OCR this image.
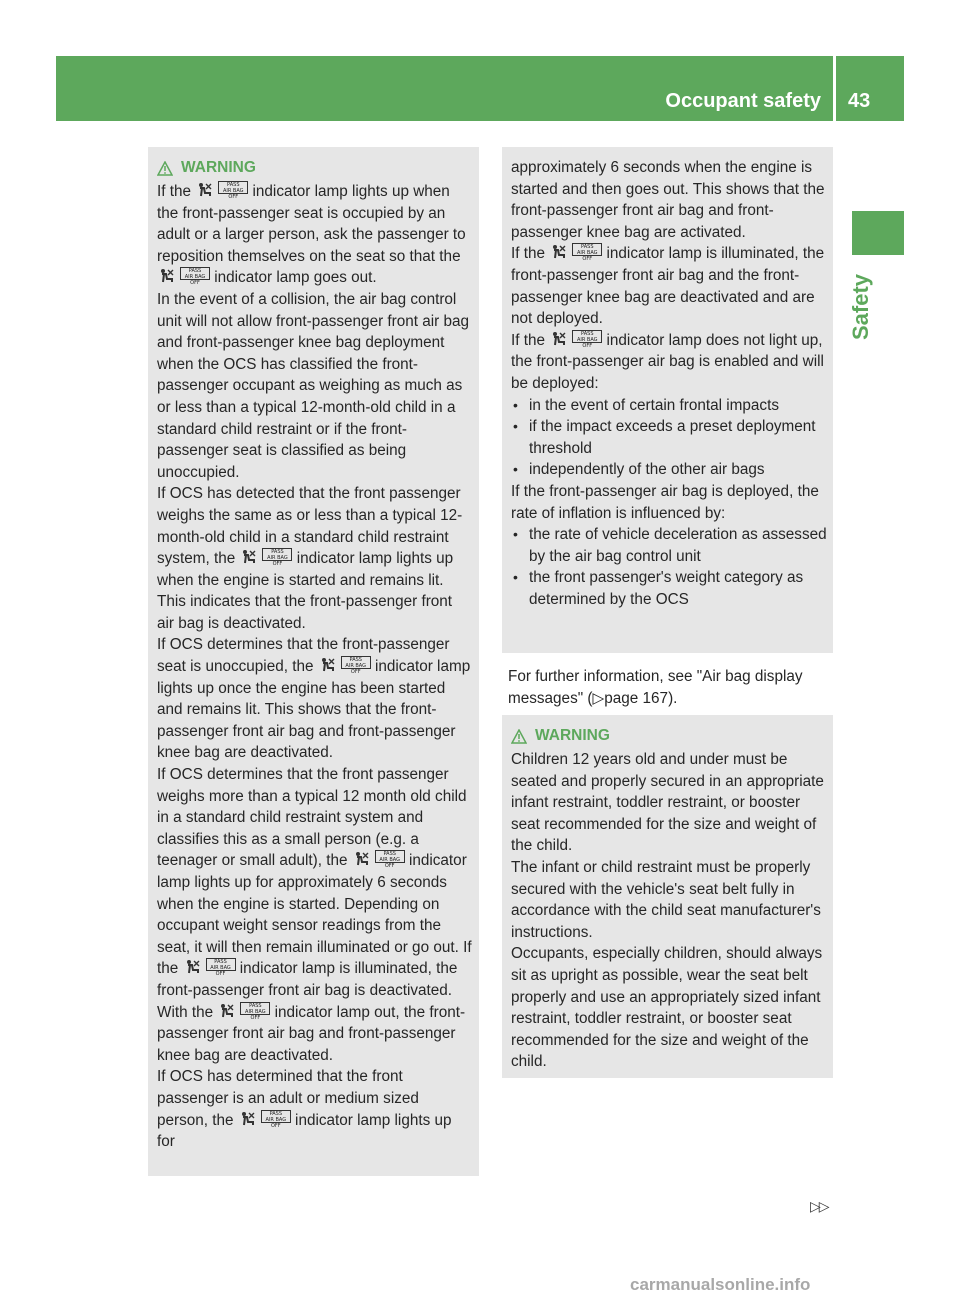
Occupant safety 43
Safety
WARNING

If the	PASS
AIR BAG OFF indicator lamp lights up when the front-passenger seat is occupied by an adult or a larger person, ask the passenger to reposition themselves on the seat so that the PASS
AIR BAG OFF indicator lamp goes out.

In the event of a collision, the air bag control unit will not allow front-passenger front air bag and front-passenger knee bag deployment when the OCS has classified the front-passenger occupant as weighing as much as or less than a typical 12-month-old child in a standard child restraint or if the front-passenger seat is classified as being unoccupied.

If OCS has detected that the front passenger weighs the same as or less than a typical 12-month-old child in a standard child restraint system, the	PASS
AIR BAG OFF indicator lamp lights up when the engine is started and remains lit. This indicates that the front-passenger front air bag is deactivated.

If OCS determines that the front-passenger seat is unoccupied, the	PASS
AIR BAG OFF indicator lamp lights up once the engine has been started and remains lit. This shows that the front-passenger front air bag and front-passenger knee bag are deactivated.

If OCS determines that the front passenger weighs more than a typical 12 month old child in a standard child restraint system and classifies this as a small person (e.g. a teenager or small adult), the	PASS
AIR BAG OFF indicator lamp lights up for approximately 6 seconds when the engine is started. Depending on occupant weight sensor readings from the seat, it will then remain illuminated or go out. If the	PASS
AIR BAG OFF indicator lamp is illuminated, the front-passenger front air bag is deactivated. With the	PASS
AIR BAG OFF indicator lamp out, the front-passenger front air bag and front-passenger knee bag are deactivated.

If OCS has determined that the front passenger is an adult or medium sized person, the	PASS
AIR BAG OFF indicator lamp lights up for

approximately 6 seconds when the engine is started and then goes out. This shows that the front-passenger front air bag and front-passenger knee bag are activated.

If the	PASS
AIR BAG OFF indicator lamp is illuminated, the front-passenger front air bag and the front-passenger knee bag are deactivated and are not deployed.

If the	PASS
AIR BAG OFF indicator lamp does not light up, the front-passenger air bag is enabled and will be deployed:

• in the event of certain frontal impacts
• if the impact exceeds a preset deployment threshold
• independently of the other air bags

If the front-passenger air bag is deployed, the rate of inflation is influenced by:

• the rate of vehicle deceleration as assessed by the air bag control unit
• the front passenger's weight category as determined by the OCS
For further information, see "Air bag display messages" (▷page 167).
WARNING

Children 12 years old and under must be seated and properly secured in an appropriate infant restraint, toddler restraint, or booster seat recommended for the size and weight of the child.

The infant or child restraint must be properly secured with the vehicle's seat belt fully in accordance with the child seat manufacturer's instructions.

Occupants, especially children, should always sit as upright as possible, wear the seat belt properly and use an appropriately sized infant restraint, toddler restraint, or booster seat recommended for the size and weight of the child.

▷▷
carmanualsonline.info
